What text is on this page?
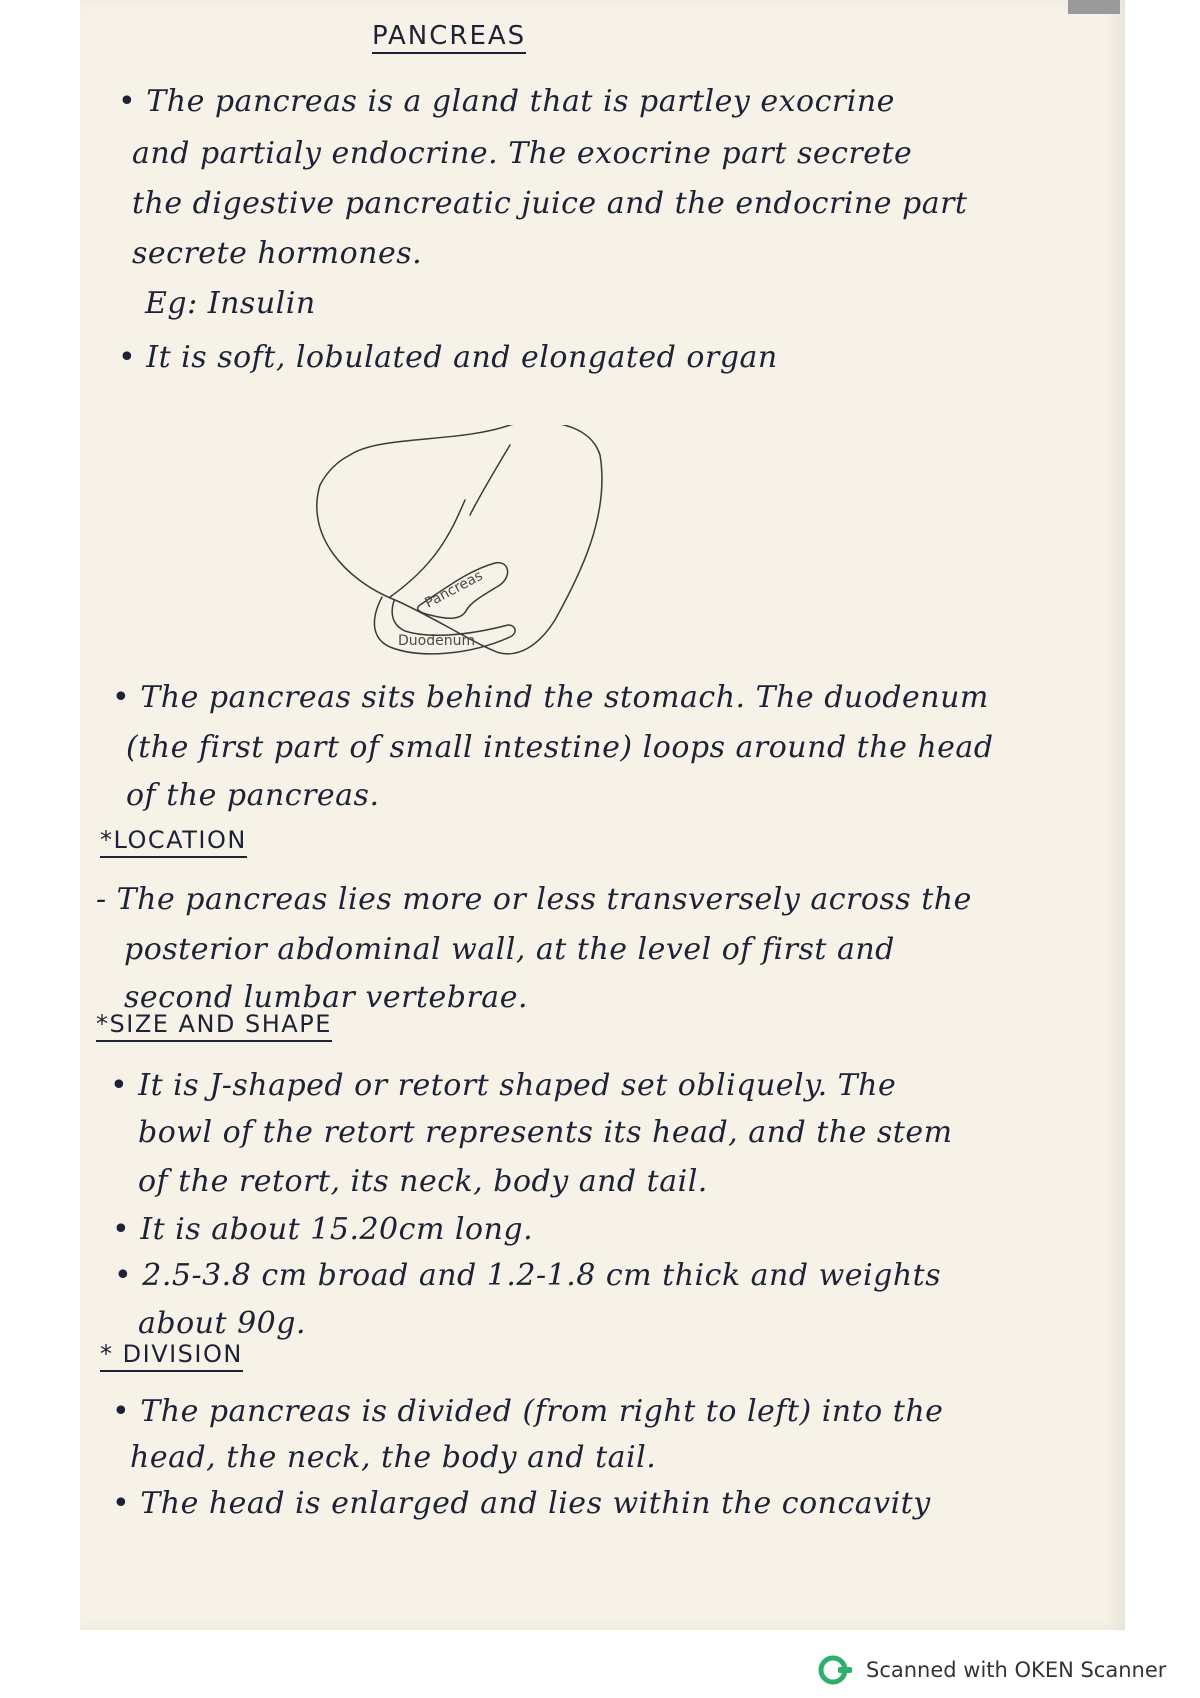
PANCREAS
• The pancreas is a gland that is partley exocrine
and partialy endocrine. The exocrine part secrete
the digestive pancreatic juice and the endocrine part
secrete hormones.
Eg: Insulin
• It is soft, lobulated and elongated organ
Pancreas
Duodenum
• The pancreas sits behind the stomach. The duodenum
(the first part of small intestine) loops around the head
of the pancreas.
*LOCATION
- The pancreas lies more or less transversely across the
posterior abdominal wall, at the level of first and
second lumbar vertebrae.
*SIZE AND SHAPE
• It is J-shaped or retort shaped set obliquely. The
bowl of the retort represents its head, and the stem
of the retort, its neck, body and tail.
• It is about 15.20cm long.
• 2.5-3.8 cm broad and 1.2-1.8 cm thick and weights
about 90g.
* DIVISION
• The pancreas is divided (from right to left) into the
head, the neck, the body and tail.
• The head is enlarged and lies within the concavity
Scanned with OKEN Scanner
